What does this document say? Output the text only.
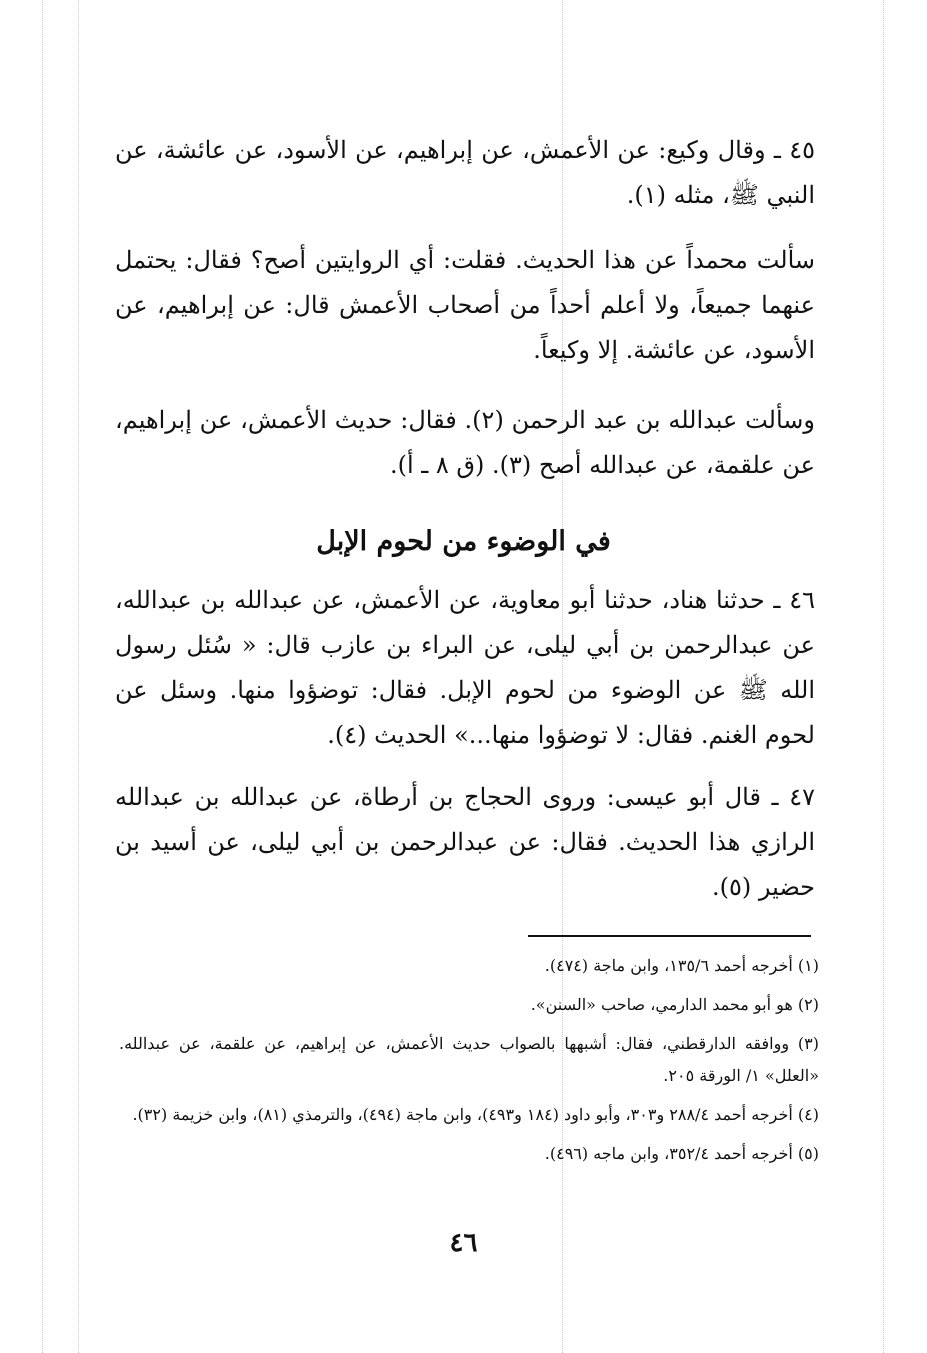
٤٥ ـ وقال وكيع: عن الأعمش، عن إبراهيم، عن الأسود، عن عائشة، عن النبي ﷺ، مثله (١).
سألت محمداً عن هذا الحديث. فقلت: أي الروايتين أصح؟ فقال: يحتمل عنهما جميعاً، ولا أعلم أحداً من أصحاب الأعمش قال: عن إبراهيم، عن الأسود، عن عائشة. إلا وكيعاً.
وسألت عبدالله بن عبد الرحمن (٢). فقال: حديث الأعمش، عن إبراهيم، عن علقمة، عن عبدالله أصح (٣). (ق ٨ ـ أ).
في الوضوء من لحوم الإبل
٤٦ ـ حدثنا هناد، حدثنا أبو معاوية، عن الأعمش، عن عبدالله بن عبدالله، عن عبدالرحمن بن أبي ليلى، عن البراء بن عازب قال: « سُئل رسول الله ﷺ عن الوضوء من لحوم الإبل. فقال: توضؤوا منها. وسئل عن لحوم الغنم. فقال: لا توضؤوا منها...» الحديث (٤).
٤٧ ـ قال أبو عيسى: وروى الحجاج بن أرطاة، عن عبدالله بن عبدالله الرازي هذا الحديث. فقال: عن عبدالرحمن بن أبي ليلى، عن أسيد بن حضير (٥).
(١) أخرجه أحمد ١٣٥/٦، وابن ماجة (٤٧٤).
(٢) هو أبو محمد الدارمي، صاحب «السنن».
(٣) ووافقه الدارقطني، فقال: أشبهها بالصواب حديث الأعمش، عن إبراهيم، عن علقمة، عن عبدالله. «العلل» ١/ الورقة ٢٠٥.
(٤) أخرجه أحمد ٢٨٨/٤ و٣٠٣، وأبو داود (١٨٤ و٤٩٣)، وابن ماجة (٤٩٤)، والترمذي (٨١)، وابن خزيمة (٣٢).
(٥) أخرجه أحمد ٣٥٢/٤، وابن ماجه (٤٩٦).
٤٦
